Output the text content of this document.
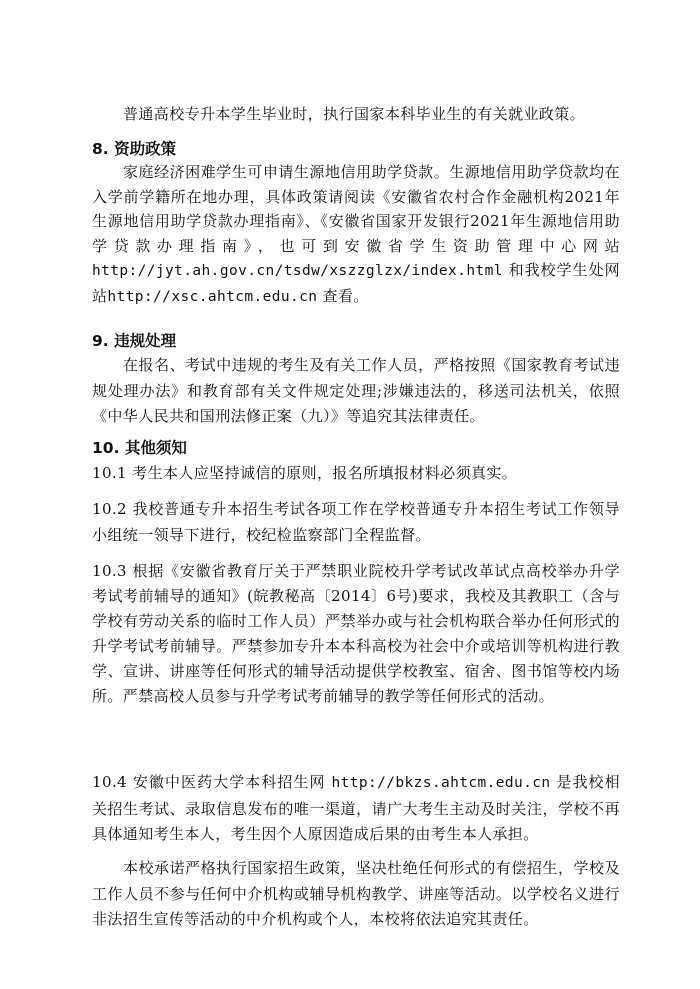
普通高校专升本学生毕业时，执行国家本科毕业生的有关就业政策。

8. 资助政策

家庭经济困难学生可申请生源地信用助学贷款。生源地信用助学贷款均在入学前学籍所在地办理，具体政策请阅读《安徽省农村合作金融机构2021年生源地信用助学贷款办理指南》、《安徽省国家开发银行2021年生源地信用助学贷款办理指南》，也可到安徽省学生资助管理中心网站http://jyt.ah.gov.cn/tsdw/xszzglzx/index.html 和我校学生处网站http://xsc.ahtcm.edu.cn 查看。

9. 违规处理

在报名、考试中违规的考生及有关工作人员，严格按照《国家教育考试违规处理办法》和教育部有关文件规定处理;涉嫌违法的，移送司法机关，依照《中华人民共和国刑法修正案（九）》等追究其法律责任。

10. 其他须知

10.1 考生本人应坚持诚信的原则，报名所填报材料必须真实。

10.2 我校普通专升本招生考试各项工作在学校普通专升本招生考试工作领导小组统一领导下进行，校纪检监察部门全程监督。

10.3 根据《安徽省教育厅关于严禁职业院校升学考试改革试点高校举办升学考试考前辅导的通知》(皖教秘高〔2014〕6号)要求，我校及其教职工（含与学校有劳动关系的临时工作人员）严禁举办或与社会机构联合举办任何形式的升学考试考前辅导。严禁参加专升本本科高校为社会中介或培训等机构进行教学、宣讲、讲座等任何形式的辅导活动提供学校教室、宿舍、图书馆等校内场所。严禁高校人员参与升学考试考前辅导的教学等任何形式的活动。

10.4 安徽中医药大学本科招生网 http://bkzs.ahtcm.edu.cn 是我校相关招生考试、录取信息发布的唯一渠道，请广大考生主动及时关注，学校不再具体通知考生本人，考生因个人原因造成后果的由考生本人承担。

本校承诺严格执行国家招生政策，坚决杜绝任何形式的有偿招生，学校及工作人员不参与任何中介机构或辅导机构教学、讲座等活动。以学校名义进行非法招生宣传等活动的中介机构或个人，本校将依法追究其责任。
